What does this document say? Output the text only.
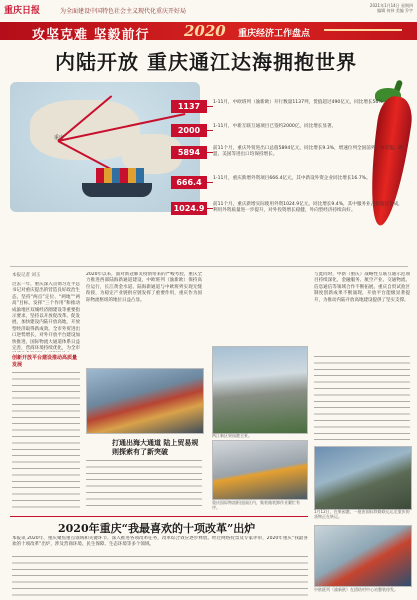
重庆日报	为全面建设中国特色社会主义现代化重庆开好局
2021年1月14日 星期四
编辑 何祎 美编 乔宇
攻坚克难 坚毅前行 2020 重庆经济工作盘点
内陆开放 重庆通江达海拥抱世界
重庆
1137	1-11月，中欧班列（渝新欧）开行数量1137列，货值超过490亿元，同比增长56%。
2000	1-11月，中新互联互通项目已签约2000亿，同比增长显著。
5894	前11个月，重庆外贸进出口总值5894亿元，同比增长9.3%，增速位列全国前列，对东盟、欧盟、美国等进出口均保持增长。
666.4	1-11月，重庆新增外资项目666.4亿元，其中新设外资企业同比增长16.7%。
1024.9	前11个月，重庆新增实际使用外资1024.9亿元，同比增长9.4%，其中服务业占比超过七成，利用外资质量进一步提升，对外投资增长稳健，外向型经济持续向好。
本报记者 刘玉
过去一年，重庆深入贯彻习近平总书记对重庆提出的营造良好政治生态，坚持“两点”定位、“两地”“两高”目标，发挥“三个作用”和推动成渝地区双城经济圈建设等重要指示要求，坚持以开放促改革、促发展，加快建设内陆开放高地，开放型经济取得新成效。全市外贸进出口逆势增长，对外开放平台建设加快推进，国际物流大通道体系日益完善，营商环境持续优化，为全市
创新开放平台建设推动高质量发展
2020年以来，面对新冠肺炎疫情带来的严峻考验，重庆全力推进西部陆海新通道建设，中欧班列（渝新欧）保持高位运行，长江黄金水道、陆海新通道与中欧班列实现无缝衔接，为稳定产业链供应链发挥了重要作用，重庆作为国际物流枢纽的地位日益凸显。
打通出海大通道 陆上贸易规则探索有了新突破
两江新区果园港全景。
重庆国际物流枢纽园区内，集装箱装卸作业繁忙有序。
与此同时，中新（重庆）战略性互联互通示范项目持续深化，金融服务、航空产业、交通物流、信息通信等领域合作不断拓展。重庆自贸试验区制度创新成果不断涌现，开放平台能级显著提升，为推动内陆开放高地建设提供了坚实支撑。
1月12日，在果园港，一批由国际铁路联运运至重庆的货物正在转运。
2020年重庆“我最喜欢的十项改革”出炉
本报讯 2020年，重庆聚焦重点领域和关键环节，深入推进各项改革任务，改革综合效应逐步释放。经过网络投票及专家评审，2020年重庆“我最喜欢的十项改革”出炉，涉及营商环境、民生保障、生态环境等多个领域。
中欧班列（渝新欧）在团结村中心站整装待发。
